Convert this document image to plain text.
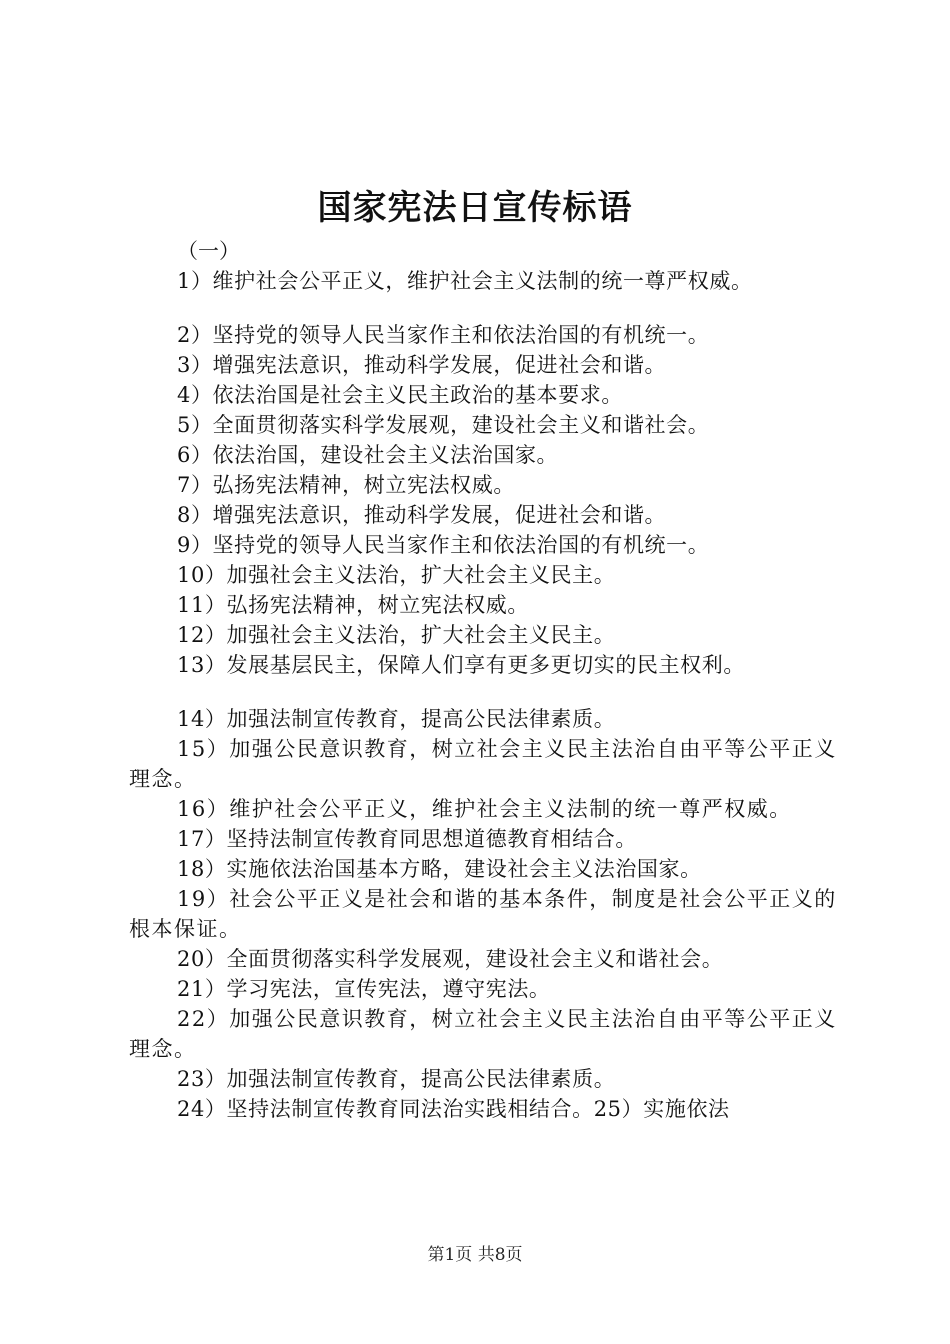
国家宪法日宣传标语

（一）

1）维护社会公平正义，维护社会主义法制的统一尊严权威。

2）坚持党的领导人民当家作主和依法治国的有机统一。

3）增强宪法意识，推动科学发展，促进社会和谐。

4）依法治国是社会主义民主政治的基本要求。

5）全面贯彻落实科学发展观，建设社会主义和谐社会。

6）依法治国，建设社会主义法治国家。

7）弘扬宪法精神，树立宪法权威。

8）增强宪法意识，推动科学发展，促进社会和谐。

9）坚持党的领导人民当家作主和依法治国的有机统一。

10）加强社会主义法治，扩大社会主义民主。

11）弘扬宪法精神，树立宪法权威。

12）加强社会主义法治，扩大社会主义民主。

13）发展基层民主，保障人们享有更多更切实的民主权利。

14）加强法制宣传教育，提高公民法律素质。

15）加强公民意识教育，树立社会主义民主法治自由平等公平正义理念。

16）维护社会公平正义，维护社会主义法制的统一尊严权威。

17）坚持法制宣传教育同思想道德教育相结合。

18）实施依法治国基本方略，建设社会主义法治国家。

19）社会公平正义是社会和谐的基本条件，制度是社会公平正义的根本保证。

20）全面贯彻落实科学发展观，建设社会主义和谐社会。

21）学习宪法，宣传宪法，遵守宪法。

22）加强公民意识教育，树立社会主义民主法治自由平等公平正义理念。

23）加强法制宣传教育，提高公民法律素质。

24）坚持法制宣传教育同法治实践相结合。25）实施依法

第1页 共8页
